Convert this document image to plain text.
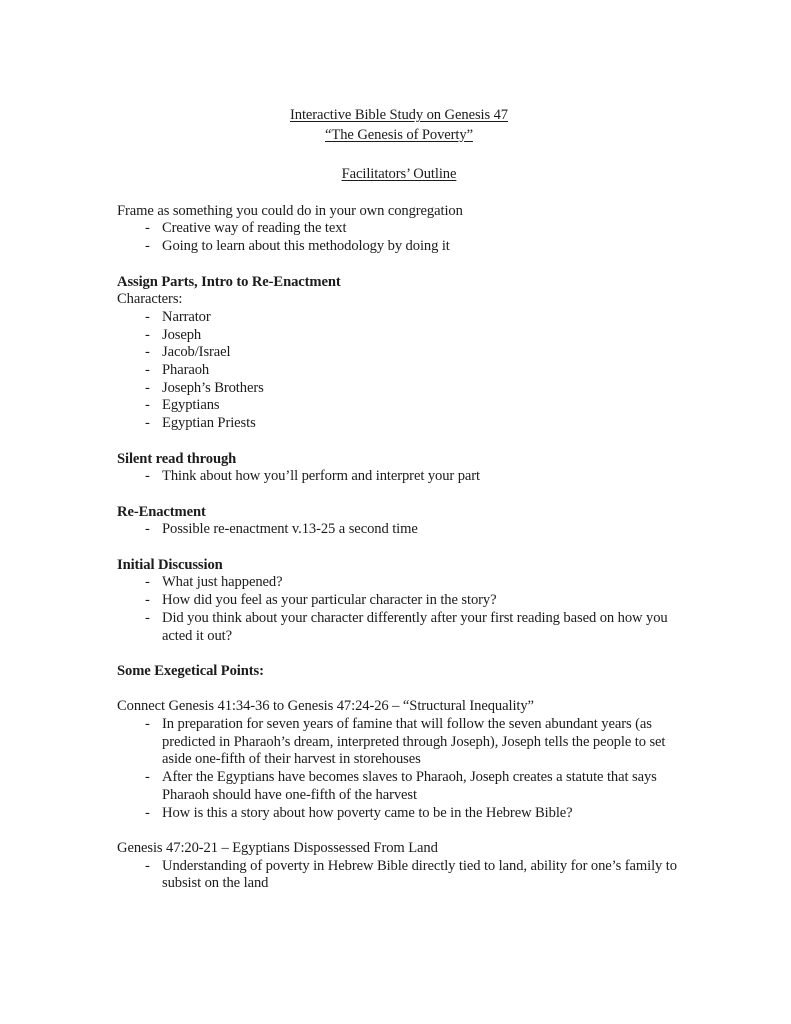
Interactive Bible Study on Genesis 47
“The Genesis of Poverty”
Facilitators’ Outline
Frame as something you could do in your own congregation
- Creative way of reading the text
- Going to learn about this methodology by doing it
Assign Parts, Intro to Re-Enactment
Characters:
- Narrator
- Joseph
- Jacob/Israel
- Pharaoh
- Joseph’s Brothers
- Egyptians
- Egyptian Priests
Silent read through
- Think about how you’ll perform and interpret your part
Re-Enactment
- Possible re-enactment v.13-25 a second time
Initial Discussion
- What just happened?
- How did you feel as your particular character in the story?
- Did you think about your character differently after your first reading based on how you acted it out?
Some Exegetical Points:
Connect Genesis 41:34-36 to Genesis 47:24-26 – “Structural Inequality”
- In preparation for seven years of famine that will follow the seven abundant years (as predicted in Pharaoh’s dream, interpreted through Joseph), Joseph tells the people to set aside one-fifth of their harvest in storehouses
- After the Egyptians have becomes slaves to Pharaoh, Joseph creates a statute that says Pharaoh should have one-fifth of the harvest
- How is this a story about how poverty came to be in the Hebrew Bible?
Genesis 47:20-21 – Egyptians Dispossessed From Land
- Understanding of poverty in Hebrew Bible directly tied to land, ability for one’s family to subsist on the land
